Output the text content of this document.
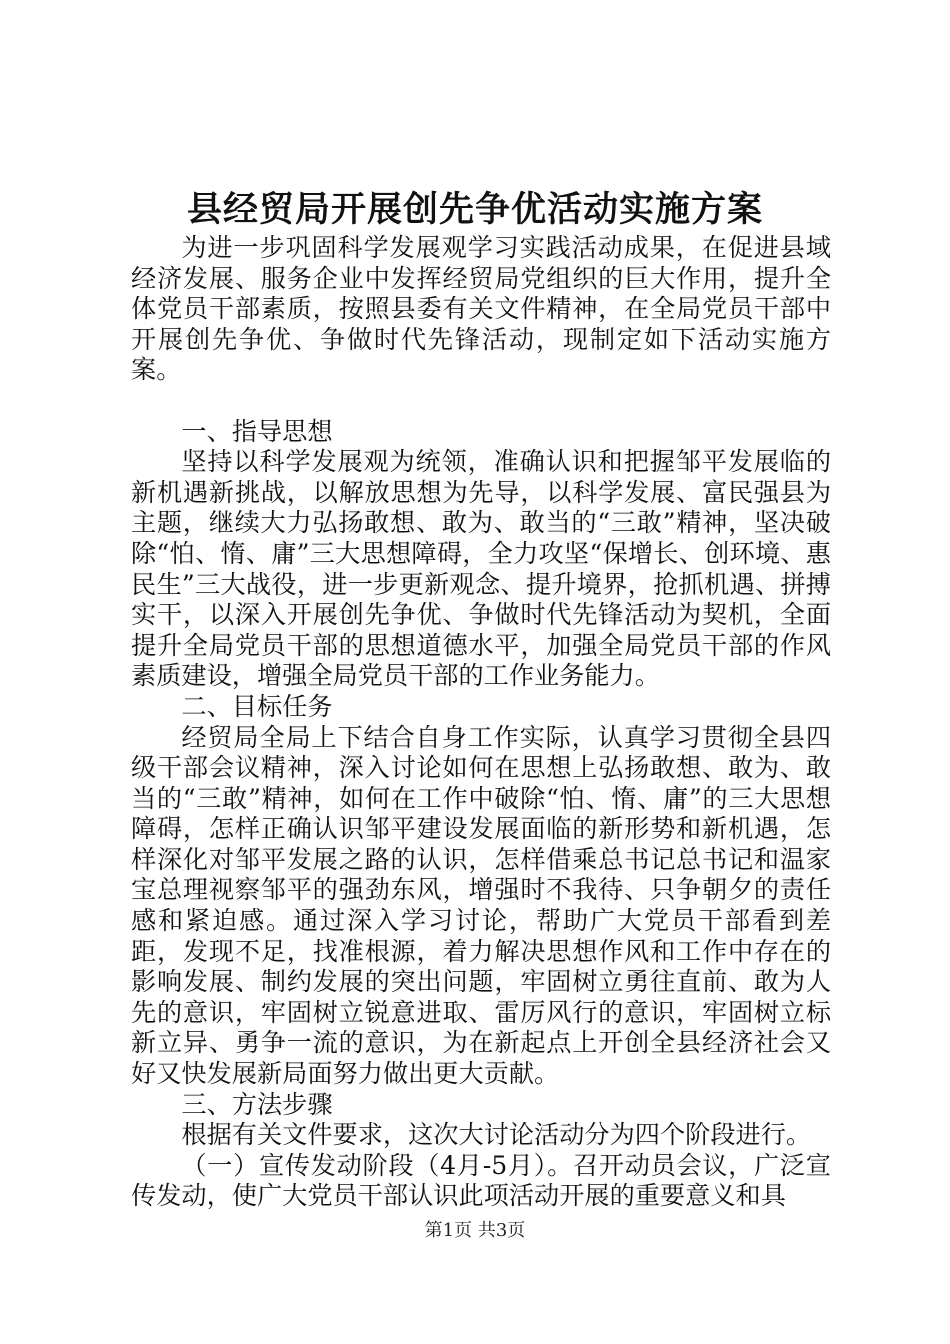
县经贸局开展创先争优活动实施方案

为进一步巩固科学发展观学习实践活动成果，在促进县域经济发展、服务企业中发挥经贸局党组织的巨大作用，提升全体党员干部素质，按照县委有关文件精神，在全局党员干部中开展创先争优、争做时代先锋活动，现制定如下活动实施方案。

一、指导思想

坚持以科学发展观为统领，准确认识和把握邹平发展临的新机遇新挑战，以解放思想为先导，以科学发展、富民强县为主题，继续大力弘扬敢想、敢为、敢当的“三敢”精神，坚决破除“怕、惰、庸”三大思想障碍，全力攻坚“保增长、创环境、惠民生”三大战役，进一步更新观念、提升境界，抢抓机遇、拼搏实干，以深入开展创先争优、争做时代先锋活动为契机，全面提升全局党员干部的思想道德水平，加强全局党员干部的作风素质建设，增强全局党员干部的工作业务能力。

二、目标任务

经贸局全局上下结合自身工作实际，认真学习贯彻全县四级干部会议精神，深入讨论如何在思想上弘扬敢想、敢为、敢当的“三敢”精神，如何在工作中破除“怕、惰、庸”的三大思想障碍，怎样正确认识邹平建设发展面临的新形势和新机遇，怎样深化对邹平发展之路的认识，怎样借乘总书记总书记和温家宝总理视察邹平的强劲东风，增强时不我待、只争朝夕的责任感和紧迫感。通过深入学习讨论，帮助广大党员干部看到差距，发现不足，找准根源，着力解决思想作风和工作中存在的影响发展、制约发展的突出问题，牢固树立勇往直前、敢为人先的意识，牢固树立锐意进取、雷厉风行的意识，牢固树立标新立异、勇争一流的意识，为在新起点上开创全县经济社会又好又快发展新局面努力做出更大贡献。

三、方法步骤

根据有关文件要求，这次大讨论活动分为四个阶段进行。

（一）宣传发动阶段（4月-5月）。召开动员会议，广泛宣传发动，使广大党员干部认识此项活动开展的重要意义和具

第1页 共3页
